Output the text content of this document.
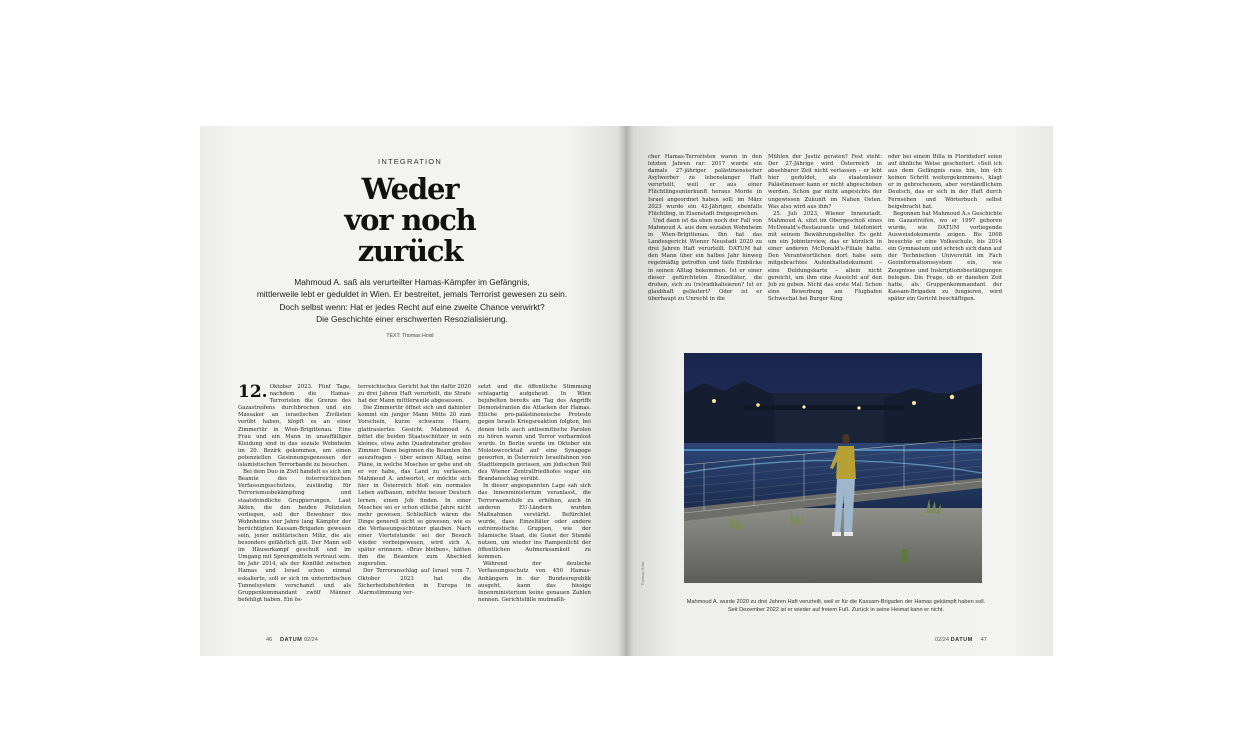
INTEGRATION
Weder
vor noch
zurück
Mahmoud A. saß als verurteilter Hamas-Kämpfer im Gefängnis,
mittlerweile lebt er geduldet in Wien. Er bestreitet, jemals Terrorist gewesen zu sein.
Doch selbst wenn: Hat er jedes Recht auf eine zweite Chance verwirkt?
Die Geschichte einer erschwerten Resozialisierung.
TEXT: Thomas Hoisl
12. Oktober 2023. Fünf Tage, nachdem die Hamas-Terroristen die Grenze des Gazastreifens durchbrochen und ein Massaker an israelischen Zivilisten verübt haben, klopft es an einer Zimmertür in Wien-Brigittenau. Eine Frau und ein Mann in unauffälliger Kleidung sind in das soziale Wohnheim im 20. Bezirk gekommen, um einen potenziellen Gesinnungsgenossen der islamistischen Terrorbande zu besuchen.

Bei dem Duo in Zivil handelt es sich um Beamte des österreichischen Verfassungsschutzes, zuständig für Terrorismusbekämpfung und staatsfeindliche Gruppierungen. Laut Akten, die den beiden Polizisten vorliegen, soll der Bewohner des Wohnheims vier Jahre lang Kämpfer der berüchtigten Kassam-Brigaden gewesen sein, jener militärischen Miliz, die als besonders gefährlich gilt. Der Mann soll im Häuserkampf geschult und im Umgang mit Sprengmitteln vertraut sein. Im Jahr 2014, als der Konflikt zwischen Hamas und Israel schon einmal eskalierte, soll er sich im unterirdischen Tunnelsystem verschanzt und als Gruppenkommandant zwölf Männer befehligt haben. Ein ös-

terreichisches Gericht hat ihn dafür 2020 zu drei Jahren Haft verurteilt, die Strafe hat der Mann mittlerweile abgesessen.

Die Zimmertür öffnet sich und dahinter kommt ein junger Mann Mitte 20 zum Vorschein, kurze schwarze Haare, glattrasiertes Gesicht. Mahmoud A. bittet die beiden Staatsschützer in sein kleines, etwa zehn Quadratmeter großes Zimmer. Dann beginnen die Beamten ihn auszufragen – über seinen Alltag, seine Pläne, in welche Moschee er gehe und ob er vor habe, das Land zu verlassen. Mahmoud A. antwortet, er möchte sich hier in Österreich bloß ein normales Leben aufbauen, möchte besser Deutsch lernen, einen Job finden. In einer Moschee sei er schon etliche Jahre nicht mehr gewesen. Schließlich wären die Dinge generell nicht so gewesen, wie es die Verfassungsschützer glauben. Nach einer Viertelstunde sei der Besuch wieder vorbeigewesen, wird sich A. später erinnern. »Brav bleiben«, hätten ihm die Beamten zum Abschied zugerufen.

Der Terroranschlag auf Israel vom 7. Oktober 2023 hat die Sicherheitsbehörden in Europa in Alarmstimmung ver-

setzt und die öffentliche Stimmung schlagartig aufgeheizt. In Wien bejubelten bereits am Tag des Angriffs Demonstranten die Attacken der Hamas. Etliche pro-palästinensische Proteste gegen Israels Kriegsreaktion folgten, bei denen teils auch antisemitische Parolen zu hören waren und Terror verharmlost wurde. In Berlin wurde im Oktober ein Molotowcocktail auf eine Synagoge geworfen, in Österreich Israelfahnen von Stadttempeln gerissen, am jüdischen Teil des Wiener Zentralfriedhofes sogar ein Brandanschlag verübt.

In dieser angespannten Lage sah sich das Innenministerium veranlasst, die Terrorwarnstufe zu erhöhen, auch in anderen EU-Ländern wurden Maßnahmen verstärkt. Befürchtet wurde, dass Einzeltäter oder andere extremistische Gruppen, wie der Islamische Staat, die Gunst der Stunde nutzen, um wieder ins Rampenlicht der öffentlichen Aufmerksamkeit zu kommen.

Während der deutsche Verfassungsschutz von 450 Hamas-Anhängern in der Bundesrepublik ausgeht, kann das hiesige Innenministerium keine genauen Zahlen nennen. Gerichtsfälle mutmaßli-

46 DATUM 02/24

cher Hamas-Terroristen waren in den letzten Jahren rar: 2017 wurde ein damals 27-jähriger palästinensischer Asylwerber zu lebenslanger Haft verurteilt, weil er aus einer Flüchtlingsunterkunft heraus Morde in Israel angeordnet haben soll; im März 2023 wurde ein 42-Jähriger, ebenfalls Flüchtling, in Eisenstadt freigesprochen.

Und dann ist da eben noch der Fall von Mahmoud A. aus dem sozialen Wohnheim in Wien-Brigittenau. Ihn hat das Landesgericht Wiener Neustadt 2020 zu drei Jahren Haft verurteilt. DATUM hat den Mann über ein halbes Jahr hinweg regelmäßig getroffen und tiefe Einblicke in seinen Alltag bekommen. Ist er einer dieser gefürchteten Einzeltäter, die drohen, sich zu (re)radikalisieren? Ist er glaubhaft geläutert? Oder ist er überhaupt zu Unrecht in die

Mühlen der Justiz geraten? Fest steht: Der 27-Jährige wird Österreich in absehbarer Zeit nicht verlassen – er lebt hier geduldet, als staatenloser Palästinenser kann er nicht abgeschoben werden. Schon gar nicht angesichts der ungewissen Zukunft im Nahen Osten. Was also wird aus ihm?

25. Juli 2023, Wiener Innenstadt. Mahmoud A. sitzt im Obergeschoß eines McDonald's-Restaurants und telefoniert mit seinem Bewährungshelfer. Es geht um ein Jobinterview, das er kürzlich in einer anderen McDonald's-Filiale hatte. Den Verantwortlichen dort habe sein mitgebrachtes Aufenthaltsdokument – eine Duldungskarte – allein nicht gereicht, um ihm eine Aussicht auf den Job zu geben. Nicht das erste Mal: Schon eine Bewerbung am Flughafen Schwechat bei Burger King

oder bei einem Billa in Floridsdorf seien auf ähnliche Weise gescheitert. »Seit ich aus dem Gefängnis raus bin, bin ich keinen Schritt weitergekommen«, klagt er in gebrochenem, aber verständlichem Deutsch, das er sich in der Haft durch Fernsehen und Wörterbuch selbst beigebracht hat.

Begonnen hat Mahmoud A.s Geschichte im Gazastreifen, wo er 1997 geboren wurde, wie DATUM vorliegende Ausweisdokumente zeigen. Bis 2008 besuchte er eine Volksschule, bis 2014 ein Gymnasium und schrieb sich dann auf der Technischen Universität im Fach Geoinformationssystem ein, wie Zeugnisse und Inskriptionsbestätigungen belegen. Die Frage, ob er daneben Zeit hatte, als Gruppenkommandant der Kassam-Brigaden zu fungieren, wird später ein Gericht beschäftigen.

Thomas Hoisl
Mahmoud A. wurde 2020 zu drei Jahren Haft verurteilt, weil er für die Kassam-Brigaden der Hamas gekämpft haben soll.
Seit Dezember 2022 ist er wieder auf freiem Fuß. Zurück in seine Heimat kann er nicht.
02/24 DATUM 47
